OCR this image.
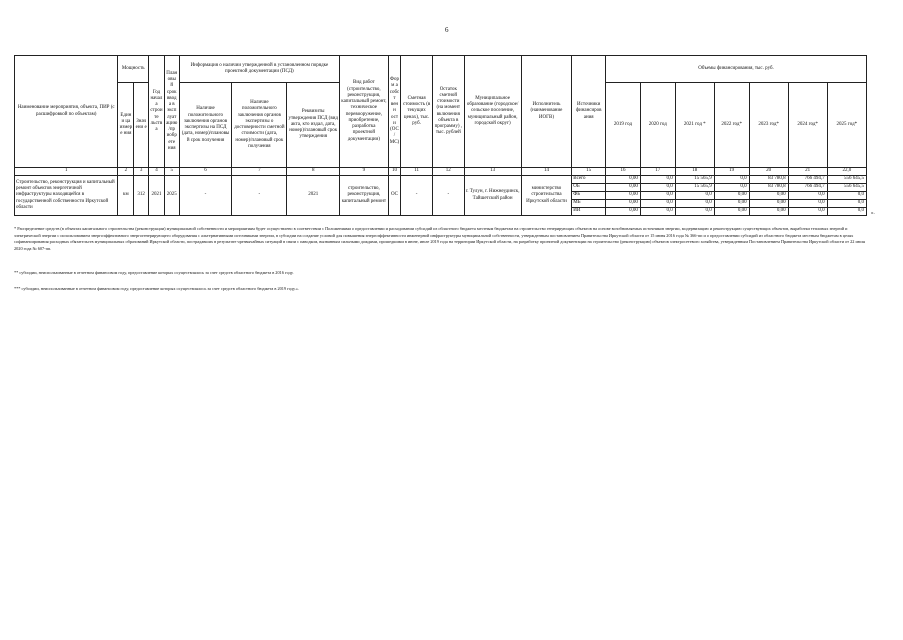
6
Наименование мероприятия, объекта, ПИР (с расшифровкой по объектам)	Мощность		Год начала строите льства	Плановы й срок ввода в эксплуат ацию/пр иобрете ния	Информация о наличии утвержденной в установленном порядке проектной документации (ПСД)			Вид работ (строительство, реконструкция, капитальный ремонт, техническое перевооружение, приобретение, разработка проектной документации)	Форм а собст венн ости (ОС/ МС)	Сметная стоимость (в текущих ценах), тыс. руб.	Остаток сметной стоимости (на момент включения объекта в программу) , тыс. рублей	Муниципальное образование (городское/сельское поселение, муниципальный район, городской округ)	Исполнитель (наименование ИОГВ)	Источники финансиров ания	Объемы финансирования, тыс. руб.						
	Едини ца измере ния	Значени е			Наличие положительного заключения органов экспертизы на ПСД (дата, номер)/плановы й срок получения	Наличие положительного заключения органов экспертизы о достоверности сметной стоимости (дата, номер)/плановый срок получения	Реквизиты утверждения ПСД (вид акта, кто издал, дата, номер)/плановый срок утверждения								2019 год	2020 год	2021 год *	2022 год*	2023 год*	2024 год*	2025 год*
1	2	3	4	5	6	7	8	9	10	11	12	13	14	15	16	17	18	19	20	21	22,0
Строительство, реконструкция и капитальный ремонт объектов энергетичной инфраструктуры находящейся в государственной собственности Иркутской области	км	312	2021	2025	-	-	2021	строительство, реконструкция, капитальный ремонт	ОС	-	-	г. Тулун, г. Нижнеудинск, Тайшетский район	министерство строительства Иркутской области	Всего	0,00	0,0	15 565,9	0,0	83 780,8	766 494,7	556 645,5
														ОБ	0,00	0,0	15 565,9	0,0	83 780,8	766 494,7	556 645,5
														ФБ	0,00	0,0	0,0	0,00	0,00	0,0	0,0
														МБ	0,00	0,0	0,0	0,00	0,00	0,0	0,0
														ИИ	0,00	0,0	0,0	0,00	0,00	0,0	0,0
».

* Распределение средств (в объектах капитального строительства (реконструкции) муниципальной собственности и мероприятиям будет осуществлено в соответствии с Положениями о предоставлении и расходовании субсидий из областного бюджета местным бюджетам на строительство генерирующих объектов на основе возобновляемых источников энергии, модернизацию и реконструкцию существующих объектов, выработки тепловых энергий и электрической энергии с использованием энергоэффективного энергогенерирующего оборудования с альтернативными источниками энергии, в субсидии на создание условий для повышения энергоэффективности инженерной инфраструктуры муниципальной собственности, утвержденным постановлением Правительства Иркутской области от 15 июня 2016 года № 366-пп и о предоставлении субсидий из областного бюджета местным бюджетам в целях софинансирования расходных обязательств муниципальных образований Иркутской области, пострадавших в результате чрезвычайных ситуаций в связи с паводком, вызванным сильными дождями, прошедшими в июне, июле 2019 года на территории Иркутской области, на разработку проектной документации на строительство (реконструкцию) объектов электросетевого хозяйства, утвержденным Постановлением Правительства Иркутской области от 22 июля 2020 года № 607-пп.

** субсидии, неиспользованные в отчетном финансовом году, предоставление которых осуществлялось за счет средств областного бюджета в 2016 году.
*** субсидии, неиспользованные в отчетном финансовом году, предоставление которых осуществлялось за счет средств областного бюджета в 2019 году.».
